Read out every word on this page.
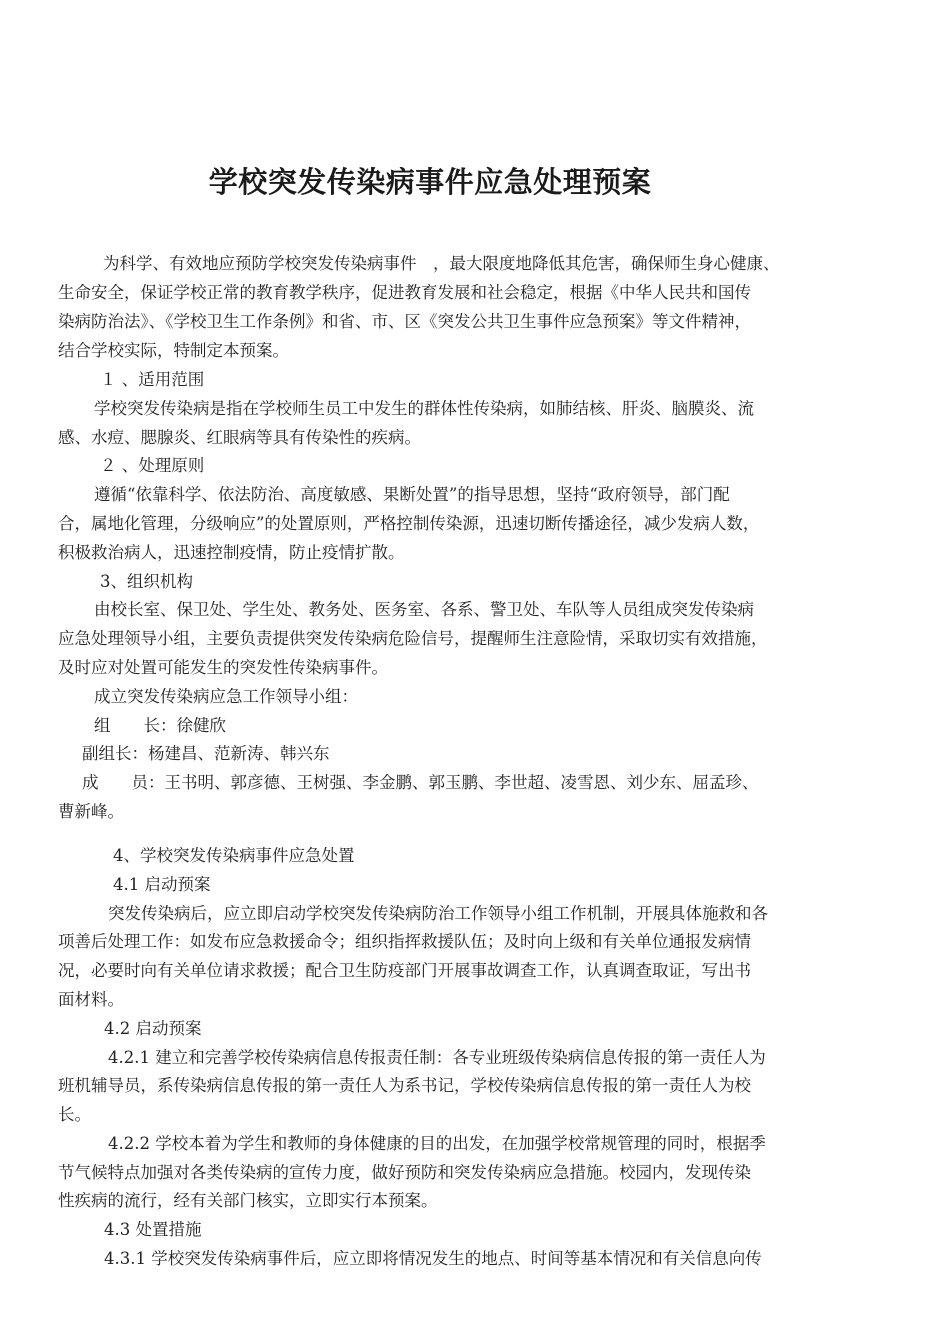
学校突发传染病事件应急处理预案
为科学、有效地应预防学校突发传染病事件　，最大限度地降低其危害，确保师生身心健康、
生命安全，保证学校正常的教育教学秩序，促进教育发展和社会稳定，根据《中华人民共和国传
染病防治法》、《学校卫生工作条例》和省、市、区《突发公共卫生事件应急预案》等文件精神，
结合学校实际，特制定本预案。
１ 、适用范围
学校突发传染病是指在学校师生员工中发生的群体性传染病，如肺结核、肝炎、脑膜炎、流
感、水痘、腮腺炎、红眼病等具有传染性的疾病。
２ 、处理原则
遵循“依靠科学、依法防治、高度敏感、果断处置”的指导思想，坚持“政府领导，部门配
合，属地化管理，分级响应”的处置原则，严格控制传染源，迅速切断传播途径，减少发病人数，
积极救治病人，迅速控制疫情，防止疫情扩散。
3、组织机构
由校长室、保卫处、学生处、教务处、医务室、各系、警卫处、车队等人员组成突发传染病
应急处理领导小组，主要负责提供突发传染病危险信号，提醒师生注意险情，采取切实有效措施，
及时应对处置可能发生的突发性传染病事件。
成立突发传染病应急工作领导小组：
组　　长：徐健欣
副组长：杨建昌、范新涛、韩兴东
成　　员：王书明、郭彦德、王树强、李金鹏、郭玉鹏、李世超、凌雪恩、刘少东、屈孟珍、
曹新峰。
4、学校突发传染病事件应急处置
4.1 启动预案
突发传染病后，应立即启动学校突发传染病防治工作领导小组工作机制，开展具体施救和各
项善后处理工作：如发布应急救援命令；组织指挥救援队伍；及时向上级和有关单位通报发病情
况，必要时向有关单位请求救援；配合卫生防疫部门开展事故调查工作，认真调查取证，写出书
面材料。
4.2 启动预案
4.2.1 建立和完善学校传染病信息传报责任制：各专业班级传染病信息传报的第一责任人为
班机辅导员，系传染病信息传报的第一责任人为系书记，学校传染病信息传报的第一责任人为校
长。
4.2.2 学校本着为学生和教师的身体健康的目的出发，在加强学校常规管理的同时，根据季
节气候特点加强对各类传染病的宣传力度，做好预防和突发传染病应急措施。校园内，发现传染
性疾病的流行，经有关部门核实，立即实行本预案。
4.3 处置措施
4.3.1 学校突发传染病事件后，应立即将情况发生的地点、时间等基本情况和有关信息向传
